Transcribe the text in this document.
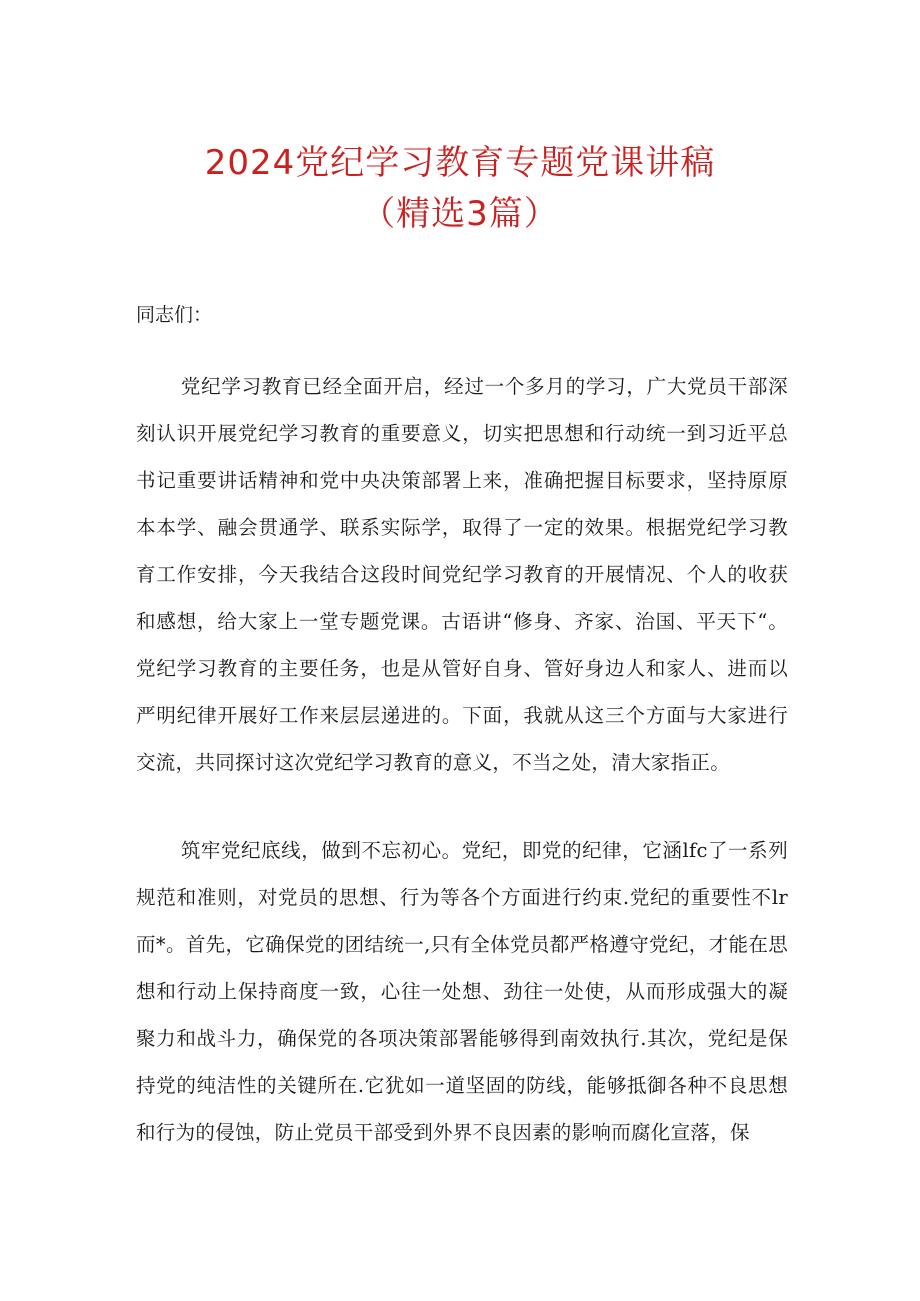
2024党纪学习教育专题党课讲稿
（精选3篇）
同志们：
党纪学习教育已经全面开启，经过一个多月的学习，广大党员干部深刻认识开展党纪学习教育的重要意义，切实把思想和行动统一到习近平总书记重要讲话精神和党中央决策部署上来，准确把握目标要求，坚持原原本本学、融会贯通学、联系实际学，取得了一定的效果。根据党纪学习教育工作安排，今天我结合这段时间党纪学习教育的开展情况、个人的收获和感想，给大家上一堂专题党课。古语讲“修身、齐家、治国、平天下“。党纪学习教育的主要任务，也是从管好自身、管好身边人和家人、进而以严明纪律开展好工作来层层递进的。下面，我就从这三个方面与大家进行交流，共同探讨这次党纪学习教育的意义，不当之处，清大家指正。
筑牢党纪底线，做到不忘初心。党纪，即党的纪律，它涵lfc了一系列规范和准则，对党员的思想、行为等各个方面进行约束.党纪的重要性不lr而*。首先，它确保党的团结统一,只有全体党员都严格遵守党纪，才能在思想和行动上保持商度一致，心往一处想、劲往一处使，从而形成强大的凝聚力和战斗力，确保党的各项决策部署能够得到南效执行.其次，党纪是保持党的纯洁性的关键所在.它犹如一道坚固的防线，能够抵御各种不良思想和行为的侵蚀，防止党员干部受到外界不良因素的影响而腐化宣落，保
